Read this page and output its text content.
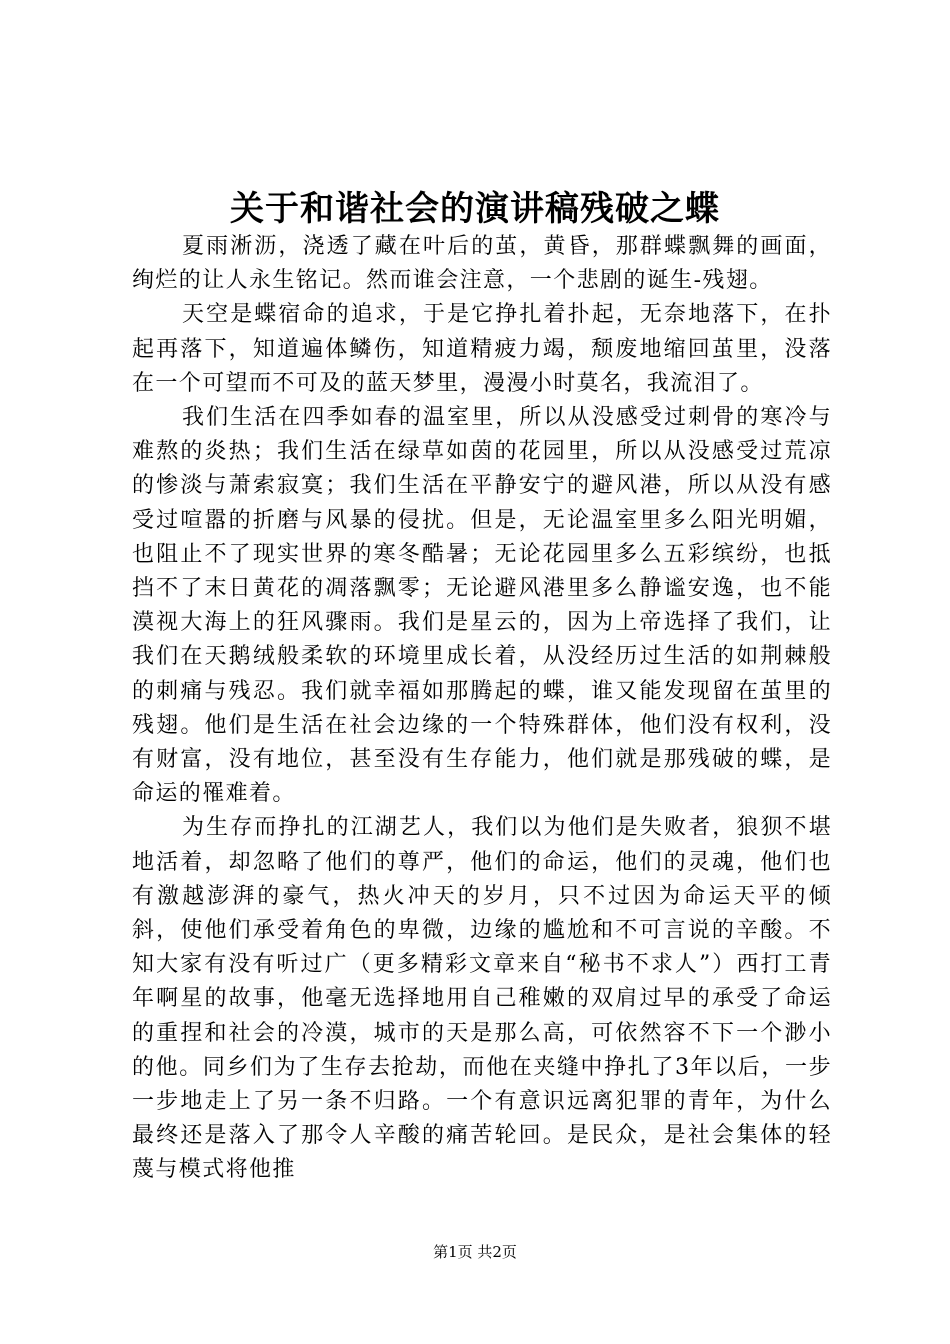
关于和谐社会的演讲稿残破之蝶

夏雨淅沥，浇透了藏在叶后的茧，黄昏，那群蝶飘舞的画面，绚烂的让人永生铭记。然而谁会注意，一个悲剧的诞生-残翅。

天空是蝶宿命的追求，于是它挣扎着扑起，无奈地落下，在扑起再落下，知道遍体鳞伤，知道精疲力竭，颓废地缩回茧里，没落在一个可望而不可及的蓝天梦里，漫漫小时莫名，我流泪了。

我们生活在四季如春的温室里，所以从没感受过刺骨的寒冷与难熬的炎热；我们生活在绿草如茵的花园里，所以从没感受过荒凉的惨淡与萧索寂寞；我们生活在平静安宁的避风港，所以从没有感受过喧嚣的折磨与风暴的侵扰。但是，无论温室里多么阳光明媚，也阻止不了现实世界的寒冬酷暑；无论花园里多么五彩缤纷，也抵挡不了末日黄花的凋落飘零；无论避风港里多么静谧安逸，也不能漠视大海上的狂风骤雨。我们是星云的，因为上帝选择了我们，让我们在天鹅绒般柔软的环境里成长着，从没经历过生活的如荆棘般的刺痛与残忍。我们就幸福如那腾起的蝶，谁又能发现留在茧里的残翅。他们是生活在社会边缘的一个特殊群体，他们没有权利，没有财富，没有地位，甚至没有生存能力，他们就是那残破的蝶，是命运的罹难着。

为生存而挣扎的江湖艺人，我们以为他们是失败者，狼狈不堪地活着，却忽略了他们的尊严，他们的命运，他们的灵魂，他们也有激越澎湃的豪气，热火冲天的岁月，只不过因为命运天平的倾斜，使他们承受着角色的卑微，边缘的尴尬和不可言说的辛酸。不知大家有没有听过广（更多精彩文章来自“秘书不求人”）西打工青年啊星的故事，他毫无选择地用自己稚嫩的双肩过早的承受了命运的重捏和社会的冷漠，城市的天是那么高，可依然容不下一个渺小的他。同乡们为了生存去抢劫，而他在夹缝中挣扎了3年以后，一步一步地走上了另一条不归路。一个有意识远离犯罪的青年，为什么最终还是落入了那令人辛酸的痛苦轮回。是民众，是社会集体的轻蔑与模式将他推

第1页 共2页
